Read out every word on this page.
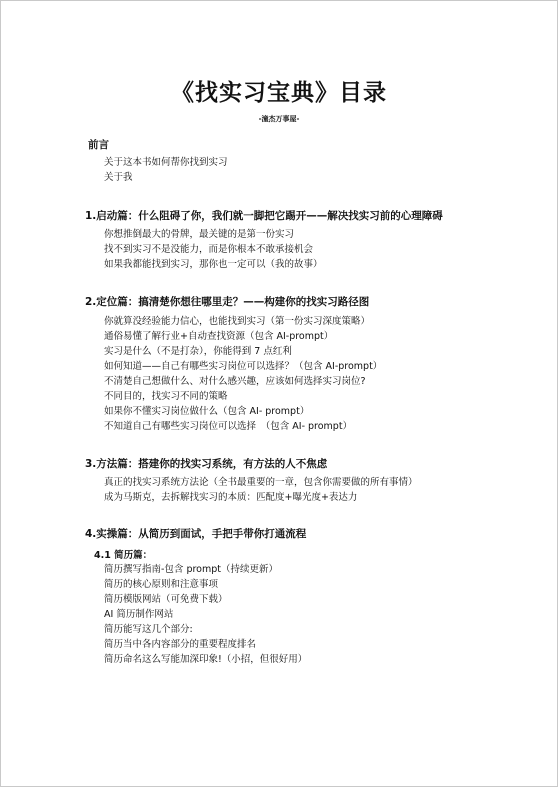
《找实习宝典》目录
-潼杰万事屋-
前言
关于这本书如何帮你找到实习
关于我
1.启动篇：什么阻碍了你，我们就一脚把它踢开——解决找实习前的心理障碍
你想推倒最大的骨牌，最关键的是第一份实习
找不到实习不是没能力，而是你根本不敢承接机会
如果我都能找到实习，那你也一定可以（我的故事）
2.定位篇：搞清楚你想往哪里走？——构建你的找实习路径图
你就算没经验能力信心，也能找到实习（第一份实习深度策略）
通俗易懂了解行业+自动查找资源（包含 AI-prompt）
实习是什么（不是打杂），你能得到 7 点红利
如何知道——自己有哪些实习岗位可以选择？（包含 AI-prompt）
不清楚自己想做什么、对什么感兴趣，应该如何选择实习岗位?
不同目的，找实习不同的策略
如果你不懂实习岗位做什么（包含 AI- prompt）
不知道自己有哪些实习岗位可以选择　（包含 AI- prompt）
3.方法篇：搭建你的找实习系统，有方法的人不焦虑
真正的找实习系统方法论（全书最重要的一章，包含你需要做的所有事情）
成为马斯克，去拆解找实习的本质：匹配度+曝光度+表达力
4.实操篇：从简历到面试，手把手带你打通流程
4.1 简历篇：
简历撰写指南-包含 prompt（持续更新）
简历的核心原则和注意事项
简历模版网站（可免费下载）
AI 简历制作网站
简历能写这几个部分:
简历当中各内容部分的重要程度排名
简历命名这么写能加深印象!（小招，但很好用）
